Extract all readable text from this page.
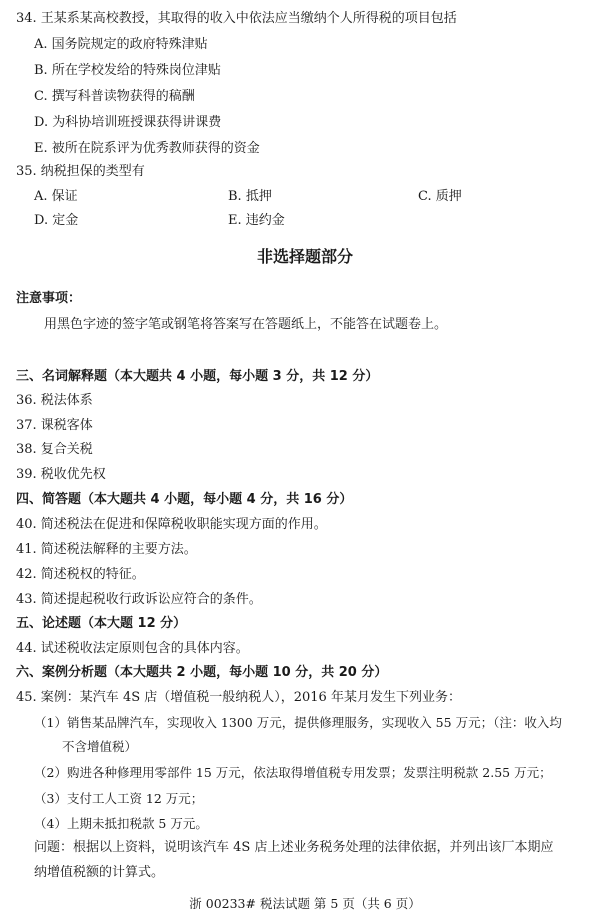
34. 王某系某高校教授，其取得的收入中依法应当缴纳个人所得税的项目包括
A. 国务院规定的政府特殊津贴
B. 所在学校发给的特殊岗位津贴
C. 撰写科普读物获得的稿酬
D. 为科协培训班授课获得讲课费
E. 被所在院系评为优秀教师获得的资金
35. 纳税担保的类型有
A. 保证	B. 抵押	C. 质押
D. 定金	E. 违约金
非选择题部分
注意事项：
用黑色字迹的签字笔或钢笔将答案写在答题纸上，不能答在试题卷上。
三、名词解释题（本大题共 4 小题，每小题 3 分，共 12 分）
36. 税法体系
37. 课税客体
38. 复合关税
39. 税收优先权
四、简答题（本大题共 4 小题，每小题 4 分，共 16 分）
40. 简述税法在促进和保障税收职能实现方面的作用。
41. 简述税法解释的主要方法。
42. 简述税权的特征。
43. 简述提起税收行政诉讼应符合的条件。
五、论述题（本大题 12 分）
44. 试述税收法定原则包含的具体内容。
六、案例分析题（本大题共 2 小题，每小题 10 分，共 20 分）
45. 案例：某汽车 4S 店（增值税一般纳税人），2016 年某月发生下列业务：
（1）销售某品牌汽车，实现收入 1300 万元，提供修理服务，实现收入 55 万元；（注：收入均
不含增值税）
（2）购进各种修理用零部件 15 万元，依法取得增值税专用发票；发票注明税款 2.55 万元；
（3）支付工人工资 12 万元；
（4）上期未抵扣税款 5 万元。
问题：根据以上资料，说明该汽车 4S 店上述业务税务处理的法律依据，并列出该厂本期应
纳增值税额的计算式。
浙 00233# 税法试题 第 5 页（共 6 页）
